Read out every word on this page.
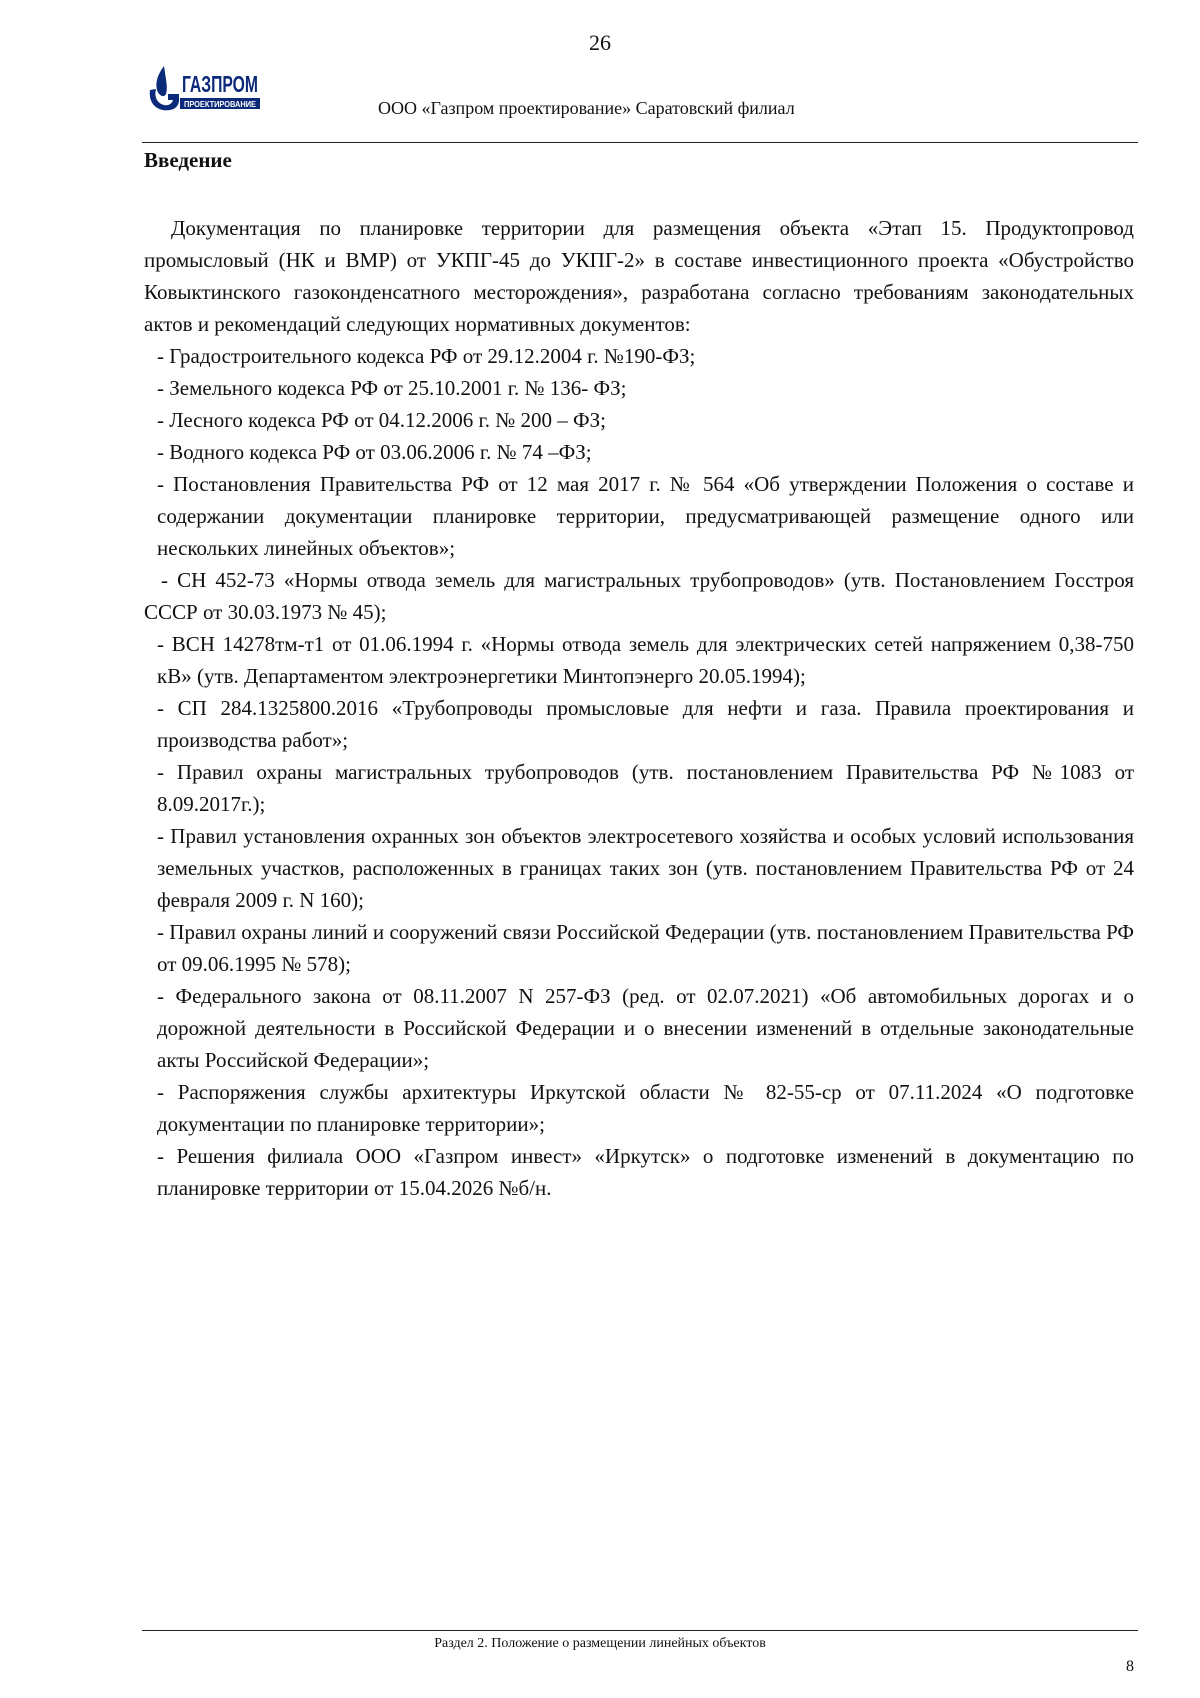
26
ГАЗПРОМ
ПРОЕКТИРОВАНИЕ	ООО «Газпром проектирование» Саратовский филиал
Введение

Документация по планировке территории для размещения объекта «Этап 15. Продуктопровод промысловый (НК и ВМР) от УКПГ-45 до УКПГ-2» в составе инвестиционного проекта «Обустройство Ковыктинского газоконденсатного месторождения», разработана согласно требованиям законодательных актов и рекомендаций следующих нормативных документов:

- Градостроительного кодекса РФ от 29.12.2004 г. №190-ФЗ;

- Земельного кодекса РФ от 25.10.2001 г. № 136- ФЗ;

- Лесного кодекса РФ от 04.12.2006 г. № 200 – ФЗ;

- Водного кодекса РФ от 03.06.2006 г. № 74 –ФЗ;

- Постановления Правительства РФ от 12 мая 2017 г. № 564 «Об утверждении Положения о составе и содержании документации планировке территории, предусматривающей размещение одного или нескольких линейных объектов»;

- СН 452-73 «Нормы отвода земель для магистральных трубопроводов» (утв. Постановлением Госстроя СССР от 30.03.1973 № 45);

- ВСН 14278тм-т1 от 01.06.1994 г. «Нормы отвода земель для электрических сетей напряжением 0,38-750 кВ» (утв. Департаментом электроэнергетики Минтопэнерго 20.05.1994);

- СП 284.1325800.2016 «Трубопроводы промысловые для нефти и газа. Правила проектирования и производства работ»;

- Правил охраны магистральных трубопроводов (утв. постановлением Правительства РФ №1083 от 8.09.2017г.);

- Правил установления охранных зон объектов электросетевого хозяйства и особых условий использования земельных участков, расположенных в границах таких зон (утв. постановлением Правительства РФ от 24 февраля 2009 г. N 160);

- Правил охраны линий и сооружений связи Российской Федерации (утв. постановлением Правительства РФ от 09.06.1995 № 578);

- Федерального закона от 08.11.2007 N 257-ФЗ (ред. от 02.07.2021) «Об автомобильных дорогах и о дорожной деятельности в Российской Федерации и о внесении изменений в отдельные законодательные акты Российской Федерации»;

- Распоряжения службы архитектуры Иркутской области № 82-55-ср от 07.11.2024 «О подготовке документации по планировке территории»;

- Решения филиала ООО «Газпром инвест» «Иркутск» о подготовке изменений в документацию по планировке территории от 15.04.2026 №б/н.

Раздел 2. Положение о размещении линейных объектов
8
